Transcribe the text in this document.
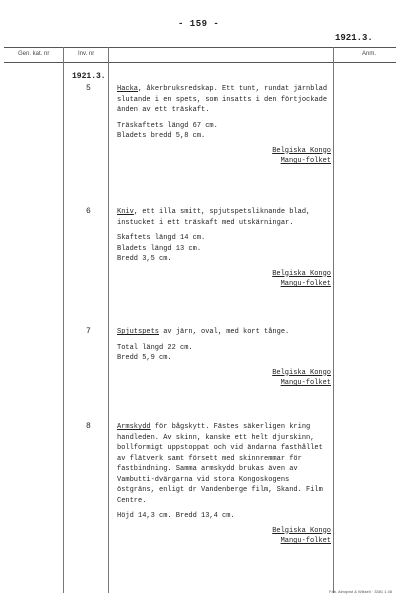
- 159 -
1921.3.
Gen. kat. nr	Inv. nr	Anm.
1921.3.
5	Hacka, åkerbruksredskap. Ett tunt, rundat järnblad slutande i en spets, som insatts i den förtjockade änden av ett träskaft.

Träskaftets längd 67 cm.

Bladets bredd 5,8 cm.

Belgiska Kongo
Mangu-folket
6	Kniv, ett illa smitt, spjutspetsliknande blad, instucket i ett träskaft med utskärningar.

Skaftets längd 14 cm.

Bladets längd 13 cm.

Bredd 3,5 cm.

Belgiska Kongo
Mangu-folket
7	Spjutspets av järn, oval, med kort tånge.

Total längd 22 cm.

Bredd 5,9 cm.

Belgiska Kongo
Mangu-folket
8	Armskydd för bågskytt. Fästes säkerligen kring handleden. Av skinn, kanske ett helt djurskinn, bollformigt uppstoppat och vid ändarna fasthållet av flätverk samt försett med skinnremmar för fastbindning. Samma armskydd brukas även av Vambutti-dvärgarna vid stora Kongoskogens östgräns, enligt dr Vandenberge film, Skand. Film Centre.

Höjd 14,3 cm. Bredd 13,4 cm.

Belgiska Kongo
Mangu-folket
Fab. Almqvist & Wiksell · 3381 1 48
